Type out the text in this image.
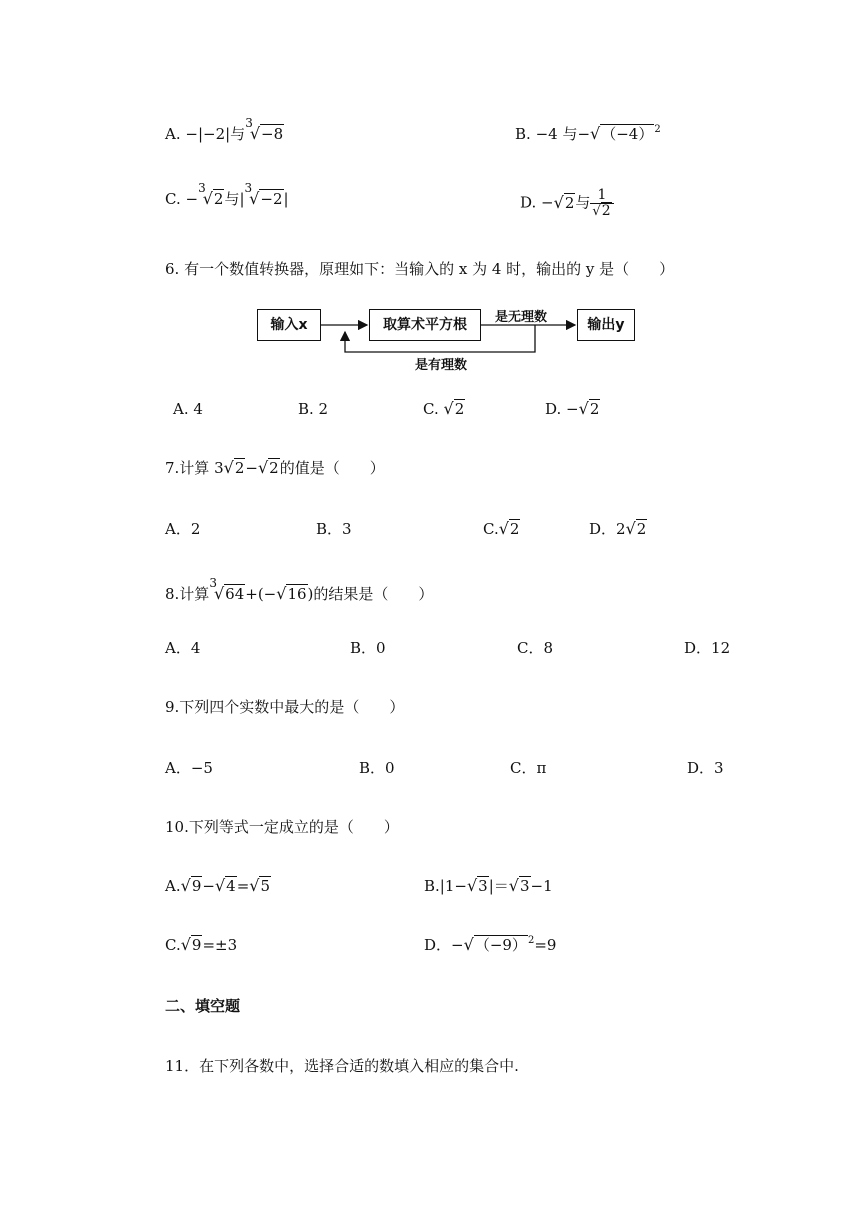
A. −|−2|与$^3$√−8	B. −4 与$-√(-4)^2$
C. −$^3$√2与$|^3√-2|$	D. −√2与 $\frac{1}{√2}$
6. 有一个数值转换器，原理如下：当输入的 x 为 4 时，输出的 y 是（　　）
输入x	取算术平方根	输出y
是无理数
是有理数
A. 4	B. 2	C. √2	D. −√2
7.计算 3√2−√2的值是（　　）
A．2	B．3	C.√2	D．2√2
8.计算$^3$√64+(−√16)的结果是（　　）
A．4	B．0	C．8	D．12
9.下列四个实数中最大的是（　　）
A．−5	B．0	C．π	D．3
10.下列等式一定成立的是（　　）
A.√9−√4=√5	B.|1−√3|＝√3−1
C.√9=±3	D．$-√(-9)^2=9$
二、填空题
11．在下列各数中，选择合适的数填入相应的集合中.
